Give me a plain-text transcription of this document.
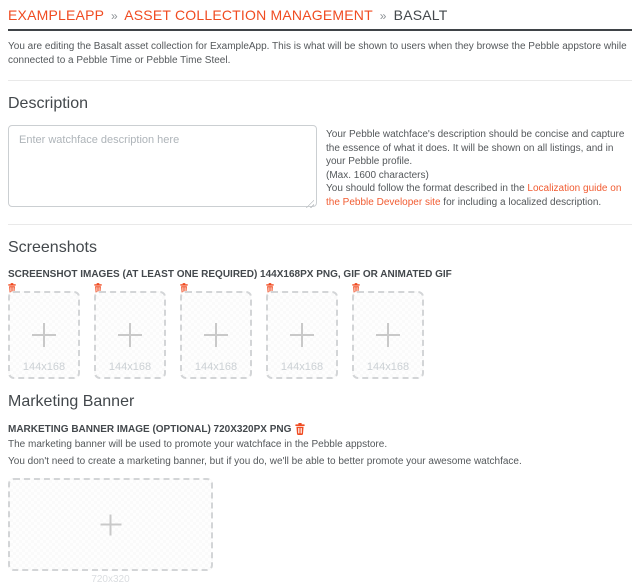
EXAMPLEAPP » ASSET COLLECTION MANAGEMENT » BASALT

You are editing the Basalt asset collection for ExampleApp. This is what will be shown to users when they browse the Pebble appstore while connected to a Pebble Time or Pebble Time Steel.

Description
Enter watchface description here
Your Pebble watchface's description should be concise and capture the essence of what it does. It will be shown on all listings, and in your Pebble profile.
(Max. 1600 characters)
You should follow the format described in the Localization guide on the Pebble Developer site for including a localized description.
Screenshots
SCREENSHOT IMAGES (AT LEAST ONE REQUIRED) 144X168PX PNG, GIF OR ANIMATED GIF
144x168	144x168	144x168	144x168	144x168
Marketing Banner
MARKETING BANNER IMAGE (OPTIONAL) 720X320PX PNG

The marketing banner will be used to promote your watchface in the Pebble appstore.

You don't need to create a marketing banner, but if you do, we'll be able to better promote your awesome watchface.

720x320
